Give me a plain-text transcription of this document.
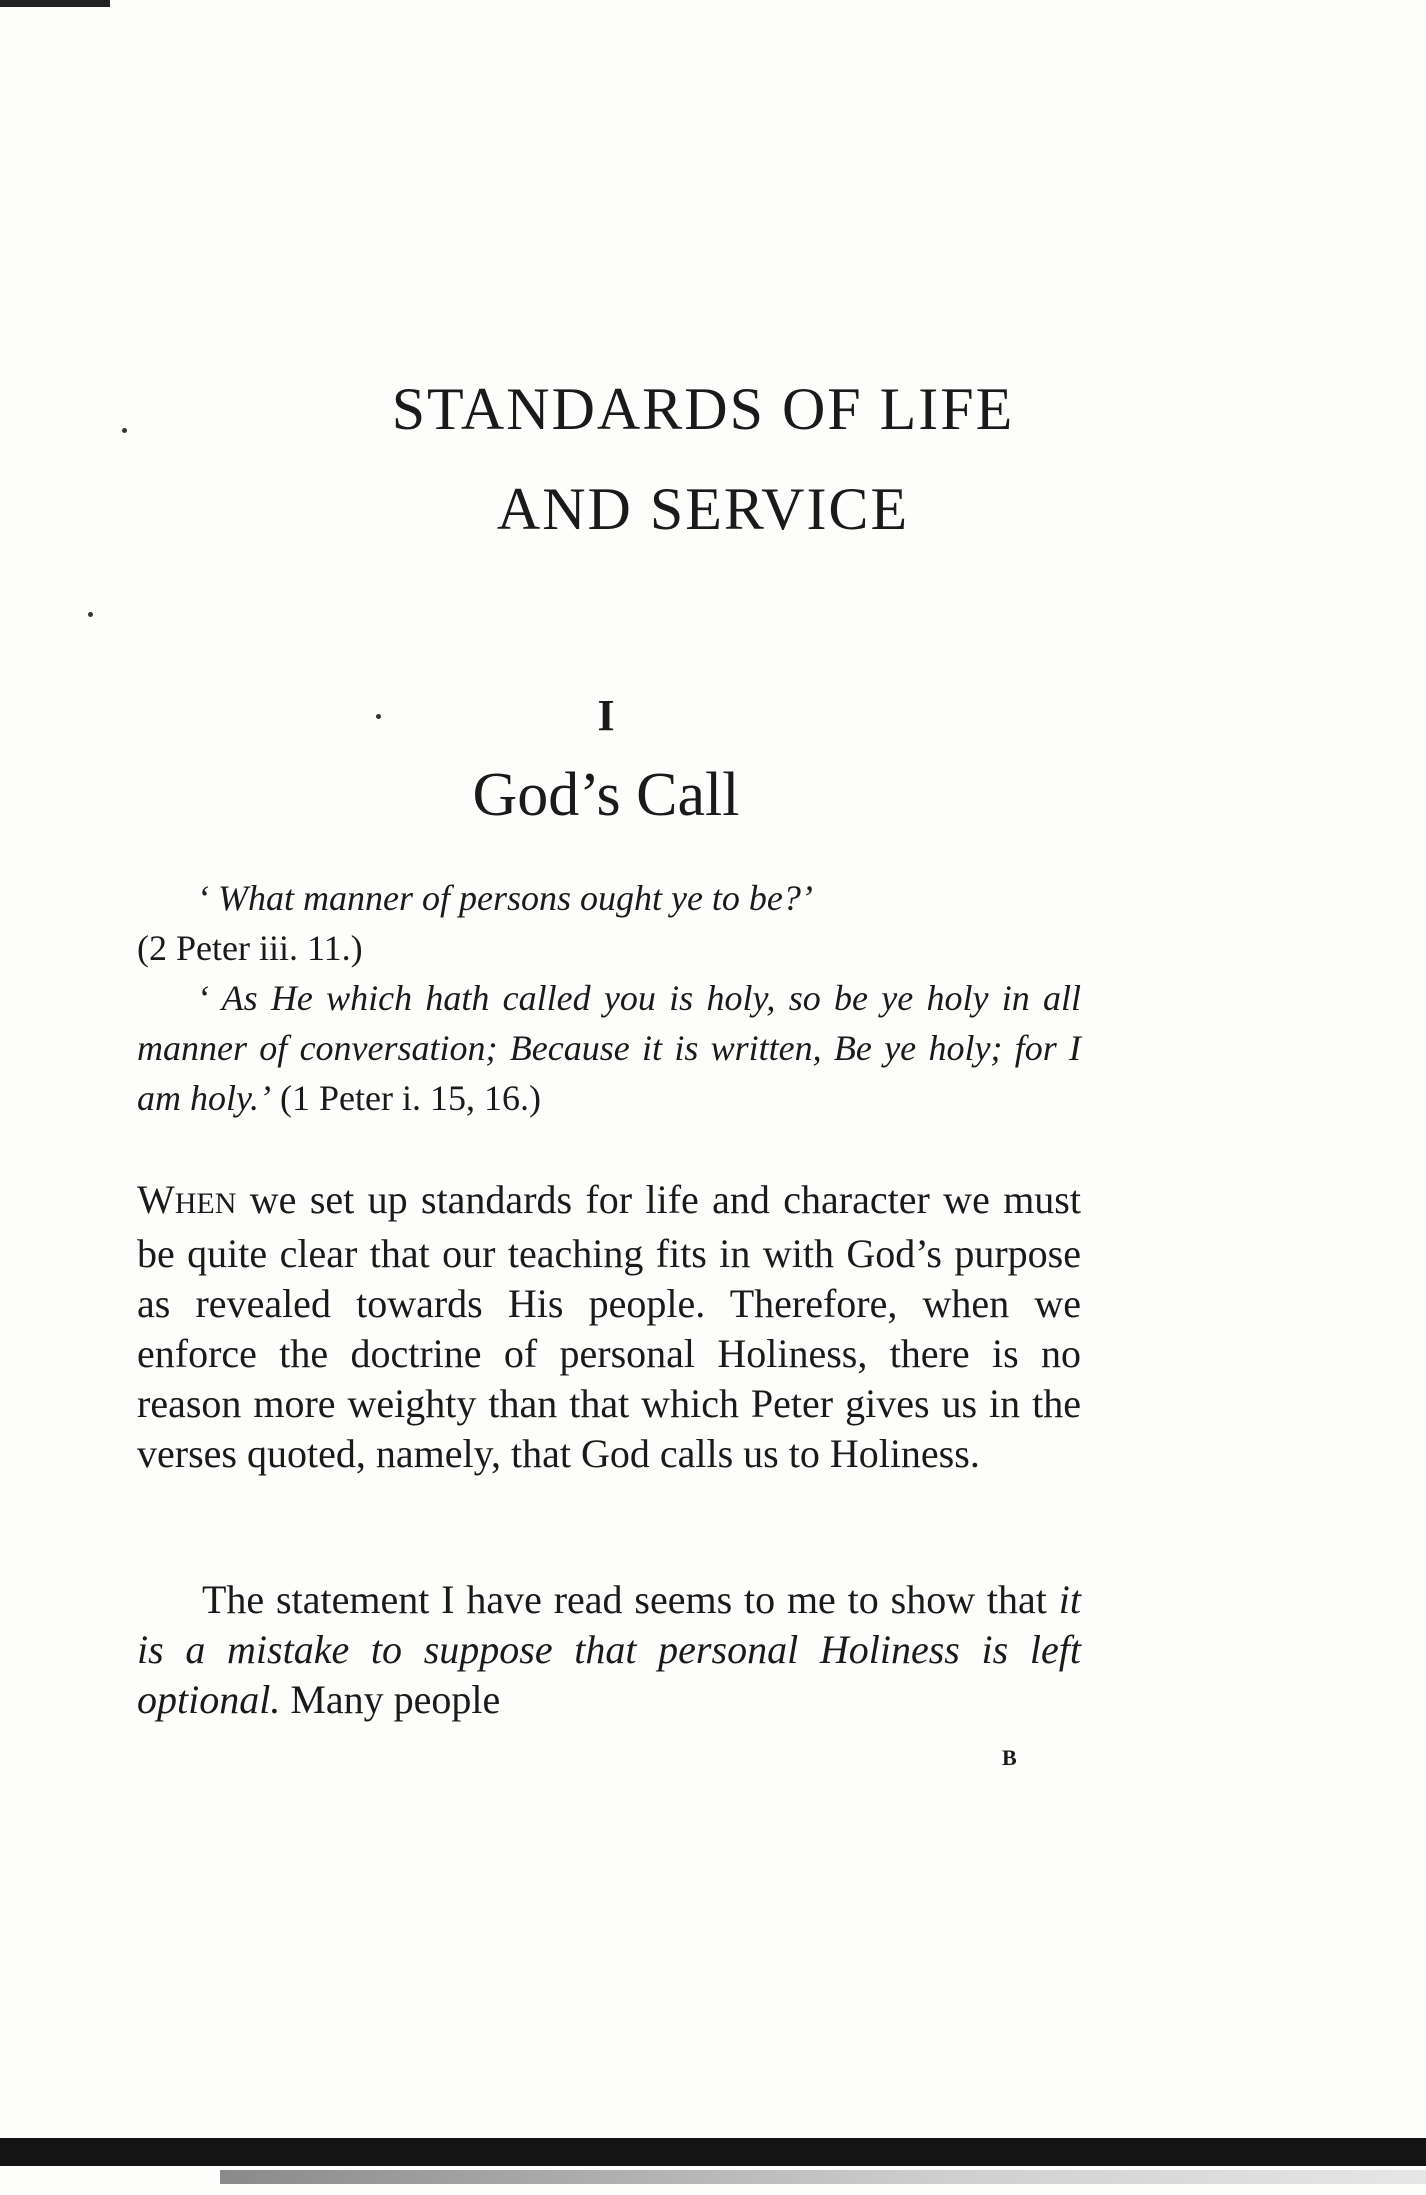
STANDARDS OF LIFE
AND SERVICE

I

God’s Call

‘ What manner of persons ought ye to be?’
(2 Peter iii. 11.)

‘ As He which hath called you is holy, so be ye holy in all manner of conversation; Because it is written, Be ye holy; for I am holy.’ (1 Peter i. 15, 16.)

WHEN we set up standards for life and character we must be quite clear that our teaching fits in with God’s purpose as revealed towards His people. Therefore, when we enforce the doctrine of personal Holiness, there is no reason more weighty than that which Peter gives us in the verses quoted, namely, that God calls us to Holiness.

The statement I have read seems to me to show that it is a mistake to suppose that personal Holiness is left optional. Many people

B
